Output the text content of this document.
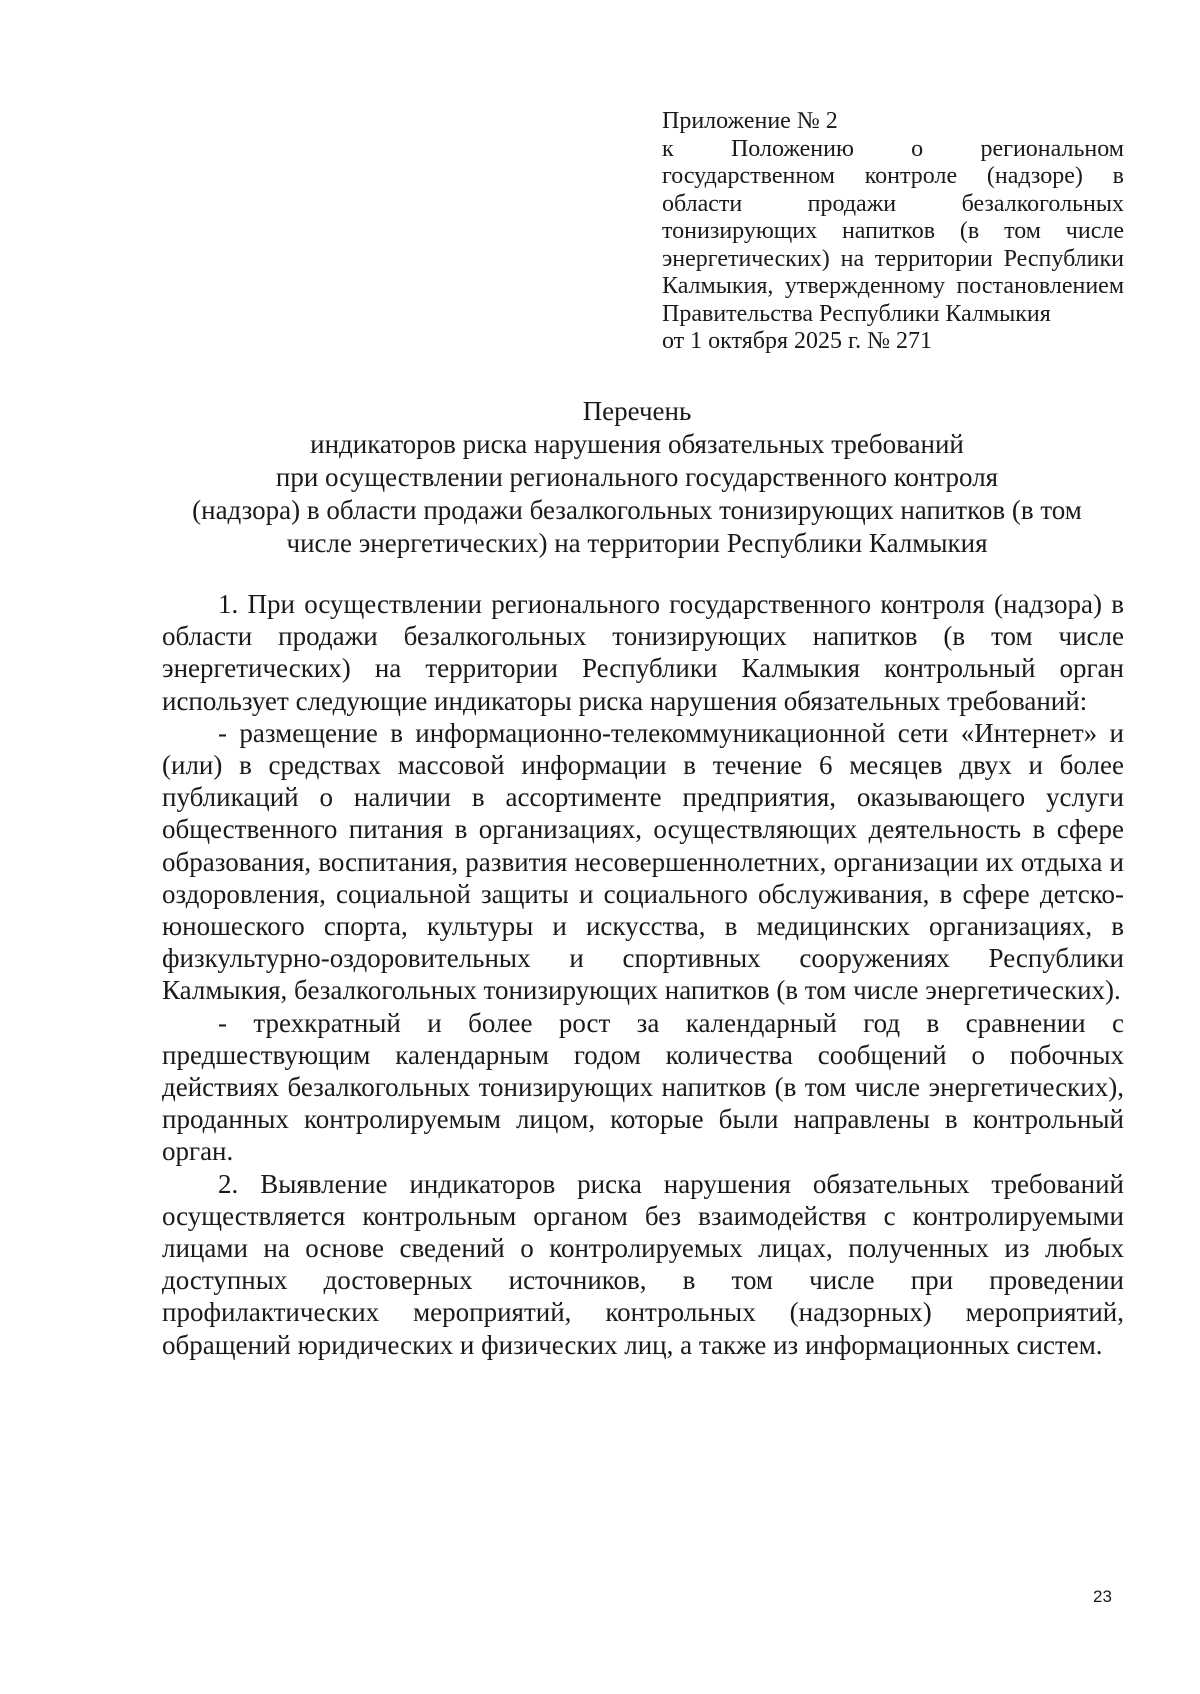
Приложение № 2
к Положению о региональном государственном контроле (надзоре) в области продажи безалкогольных тонизирующих напитков (в том числе энергетических) на территории Республики Калмыкия, утвержденному постановлением Правительства Республики Калмыкия
от 1 октября 2025 г. № 271
Перечень
индикаторов риска нарушения обязательных требований
при осуществлении регионального государственного контроля
(надзора) в области продажи безалкогольных тонизирующих напитков (в том
числе энергетических) на территории Республики Калмыкия

1. При осуществлении регионального государственного контроля (надзора) в области продажи безалкогольных тонизирующих напитков (в том числе энергетических) на территории Республики Калмыкия контрольный орган использует следующие индикаторы риска нарушения обязательных требований:

- размещение в информационно-телекоммуникационной сети «Интернет» и (или) в средствах массовой информации в течение 6 месяцев двух и более публикаций о наличии в ассортименте предприятия, оказывающего услуги общественного питания в организациях, осуществляющих деятельность в сфере образования, воспитания, развития несовершеннолетних, организации их отдыха и оздоровления, социальной защиты и социального обслуживания, в сфере детско-юношеского спорта, культуры и искусства, в медицинских организациях, в физкультурно-оздоровительных и спортивных сооружениях Республики Калмыкия, безалкогольных тонизирующих напитков (в том числе энергетических).

- трехкратный и более рост за календарный год в сравнении с предшествующим календарным годом количества сообщений о побочных действиях безалкогольных тонизирующих напитков (в том числе энергетических), проданных контролируемым лицом, которые были направлены в контрольный орган.

2. Выявление индикаторов риска нарушения обязательных требований осуществляется контрольным органом без взаимодействя с контролируемыми лицами на основе сведений о контролируемых лицах, полученных из любых доступных достоверных источников, в том числе при проведении профилактических мероприятий, контрольных (надзорных) мероприятий, обращений юридических и физических лиц, а также из информационных систем.

23
